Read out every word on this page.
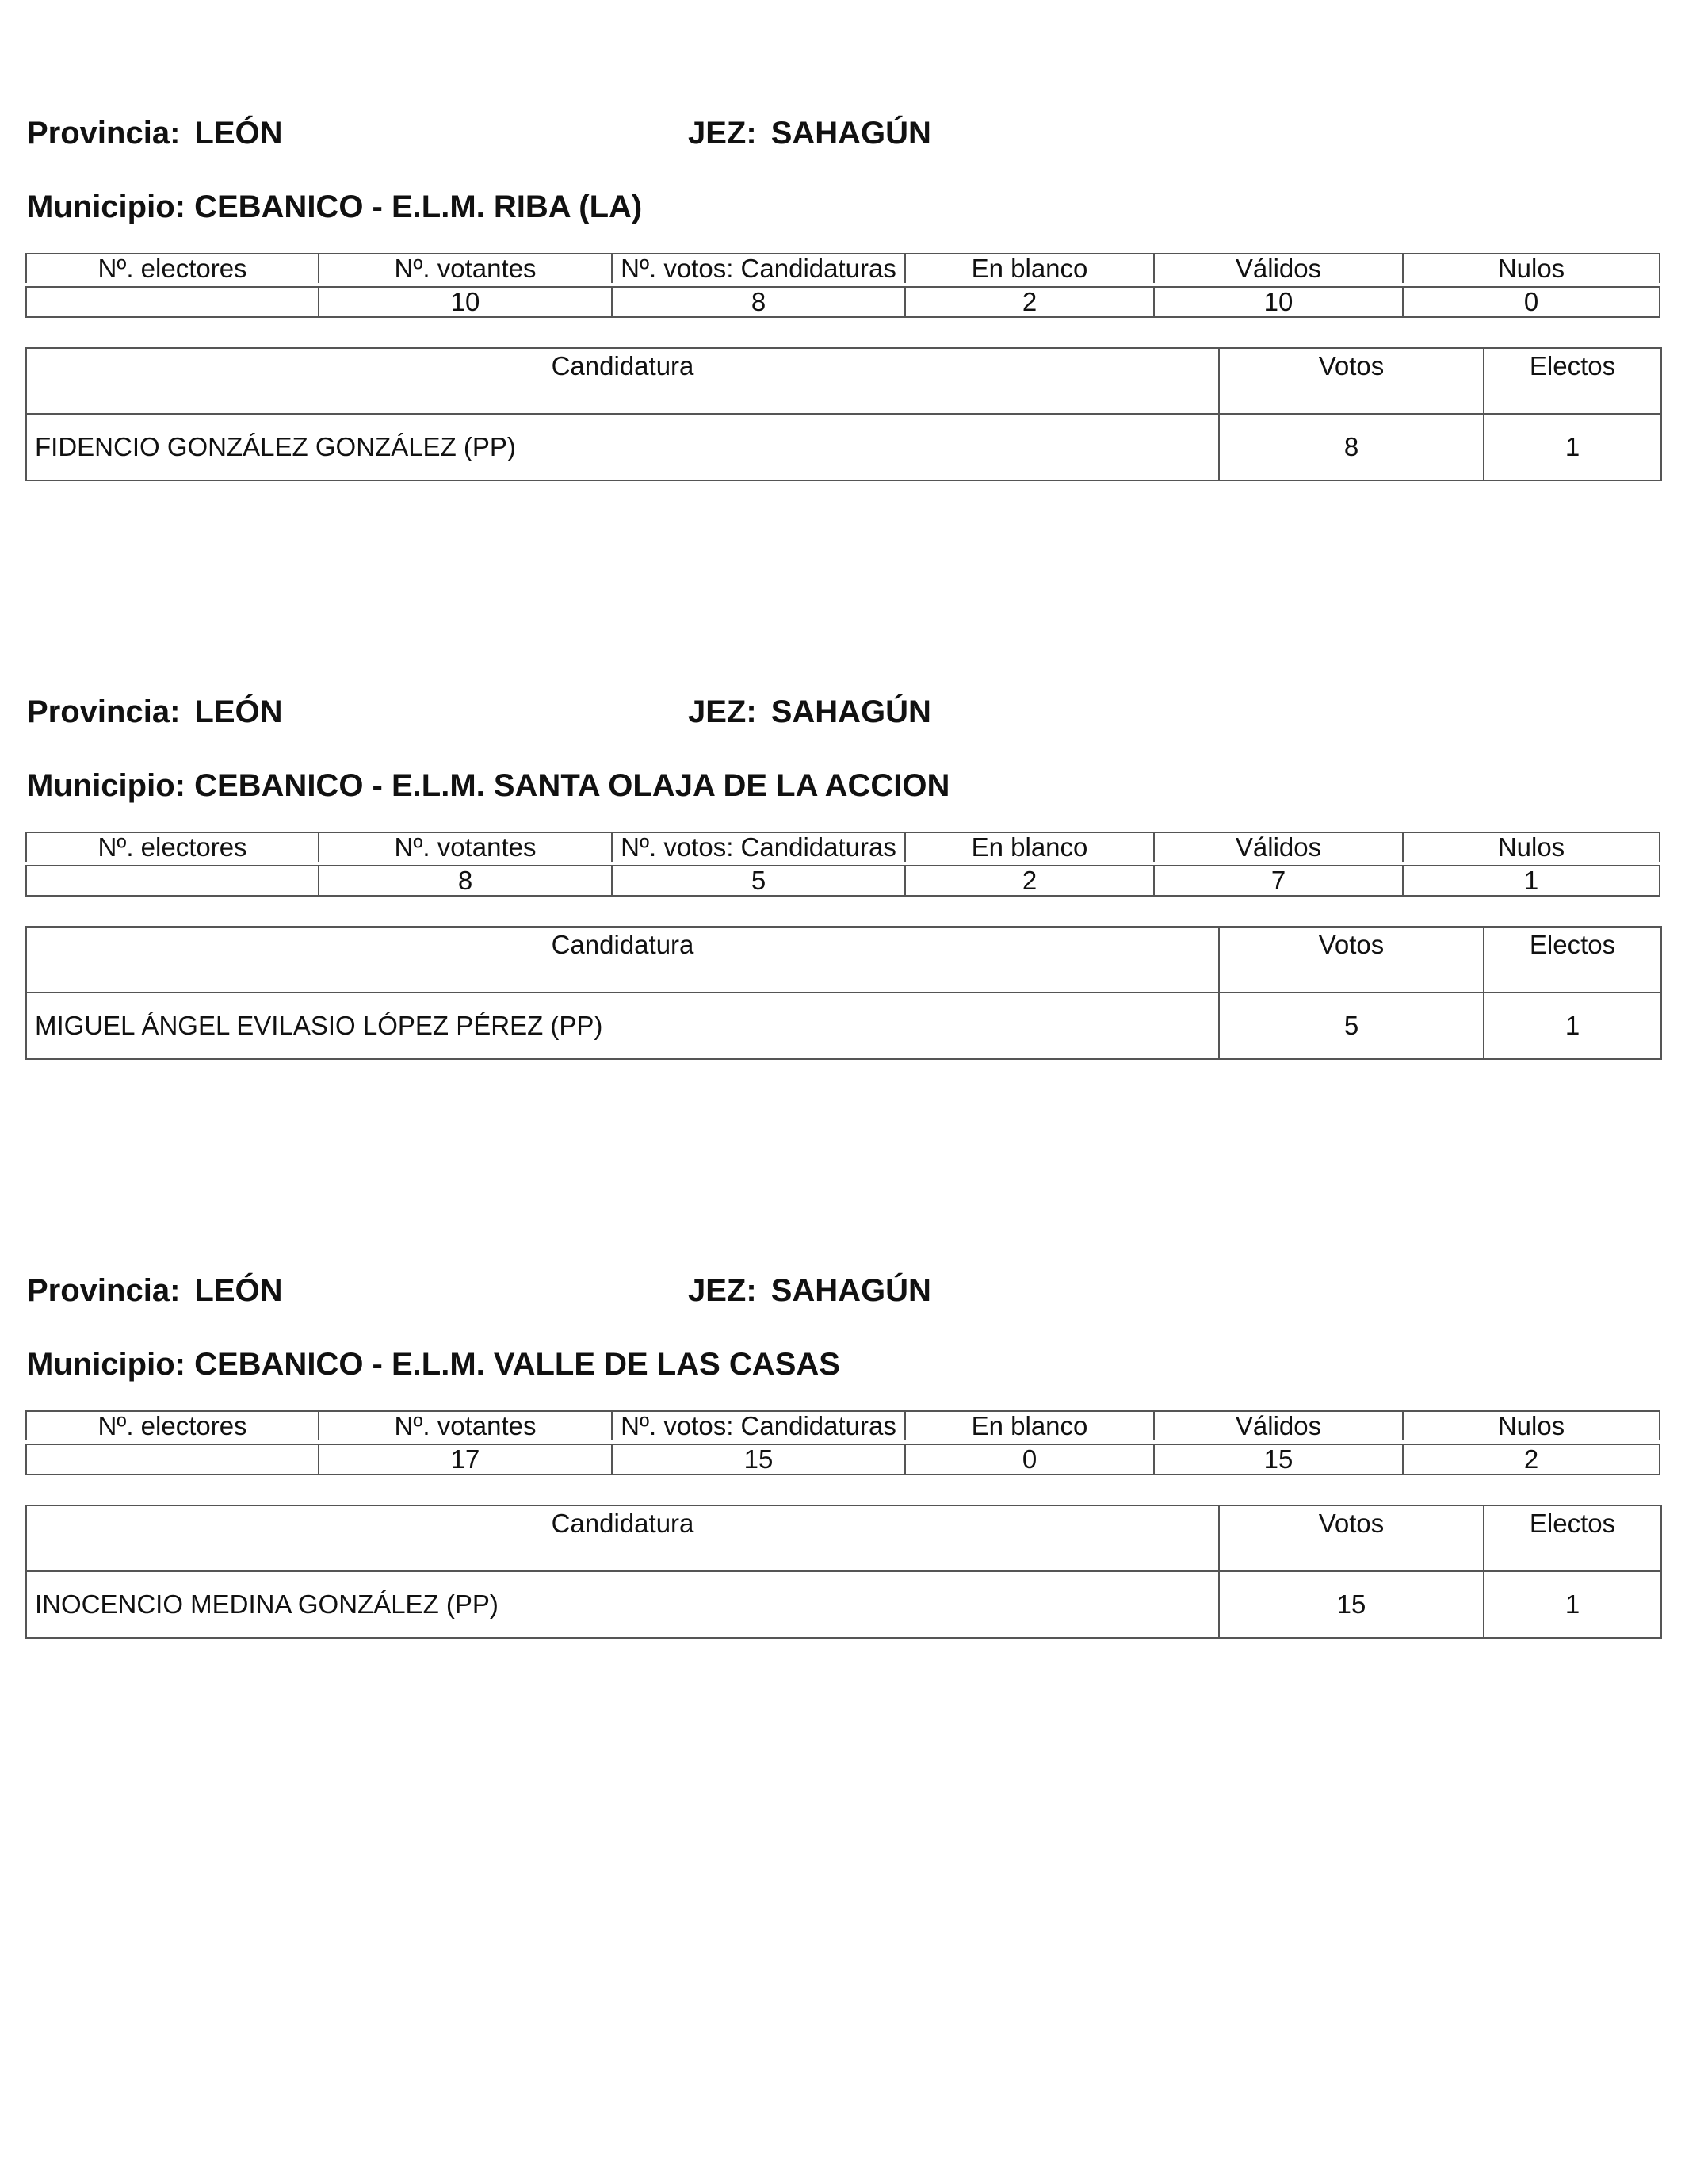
Provincia: LEÓN	JEZ: SAHAGÚN
Municipio: CEBANICO - E.L.M. RIBA (LA)
Nº. electores	Nº. votantes	Nº. votos: Candidaturas	En blanco	Válidos	Nulos

	10	8	2	10	0
Candidatura	Votos	Electos
FIDENCIO GONZÁLEZ GONZÁLEZ (PP)	8	1
Provincia: LEÓN	JEZ: SAHAGÚN
Municipio: CEBANICO - E.L.M. SANTA OLAJA DE LA ACCION
Nº. electores	Nº. votantes	Nº. votos: Candidaturas	En blanco	Válidos	Nulos

	8	5	2	7	1
Candidatura	Votos	Electos
MIGUEL ÁNGEL EVILASIO LÓPEZ PÉREZ (PP)	5	1
Provincia: LEÓN	JEZ: SAHAGÚN
Municipio: CEBANICO - E.L.M. VALLE DE LAS CASAS
Nº. electores	Nº. votantes	Nº. votos: Candidaturas	En blanco	Válidos	Nulos

	17	15	0	15	2
Candidatura	Votos	Electos
INOCENCIO MEDINA GONZÁLEZ (PP)	15	1
